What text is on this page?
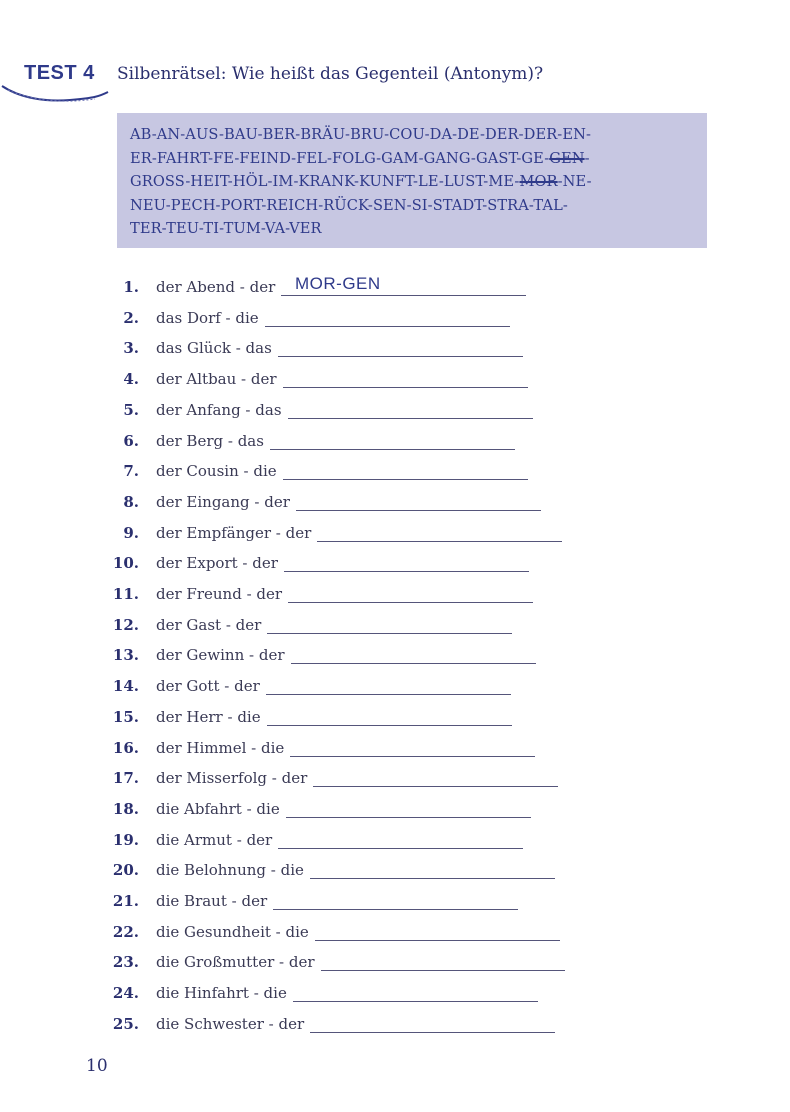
TEST 4 Silbenrätsel: Wie heißt das Gegenteil (Antonym)?
AB-AN-AUS-BAU-BER-BRÄU-BRU-COU-DA-DE-DER-DER-EN-
ER-FAHRT-FE-FEIND-FEL-FOLG-GAM-GANG-GAST-GE-GEN-
GROSS-HEIT-HÖL-IM-KRANK-KUNFT-LE-LUST-ME-MOR-NE-
NEU-PECH-PORT-REICH-RÜCK-SEN-SI-STADT-STRA-TAL-
TER-TEU-TI-TUM-VA-VER
1. der Abend - der MOR-GEN
2. das Dorf - die
3. das Glück - das
4. der Altbau - der
5. der Anfang - das
6. der Berg - das
7. der Cousin - die
8. der Eingang - der
9. der Empfänger - der
10. der Export - der
11. der Freund - der
12. der Gast - der
13. der Gewinn - der
14. der Gott - der
15. der Herr - die
16. der Himmel - die
17. der Misserfolg - der
18. die Abfahrt - die
19. die Armut - der
20. die Belohnung - die
21. die Braut - der
22. die Gesundheit - die
23. die Großmutter - der
24. die Hinfahrt - die
25. die Schwester - der
10
